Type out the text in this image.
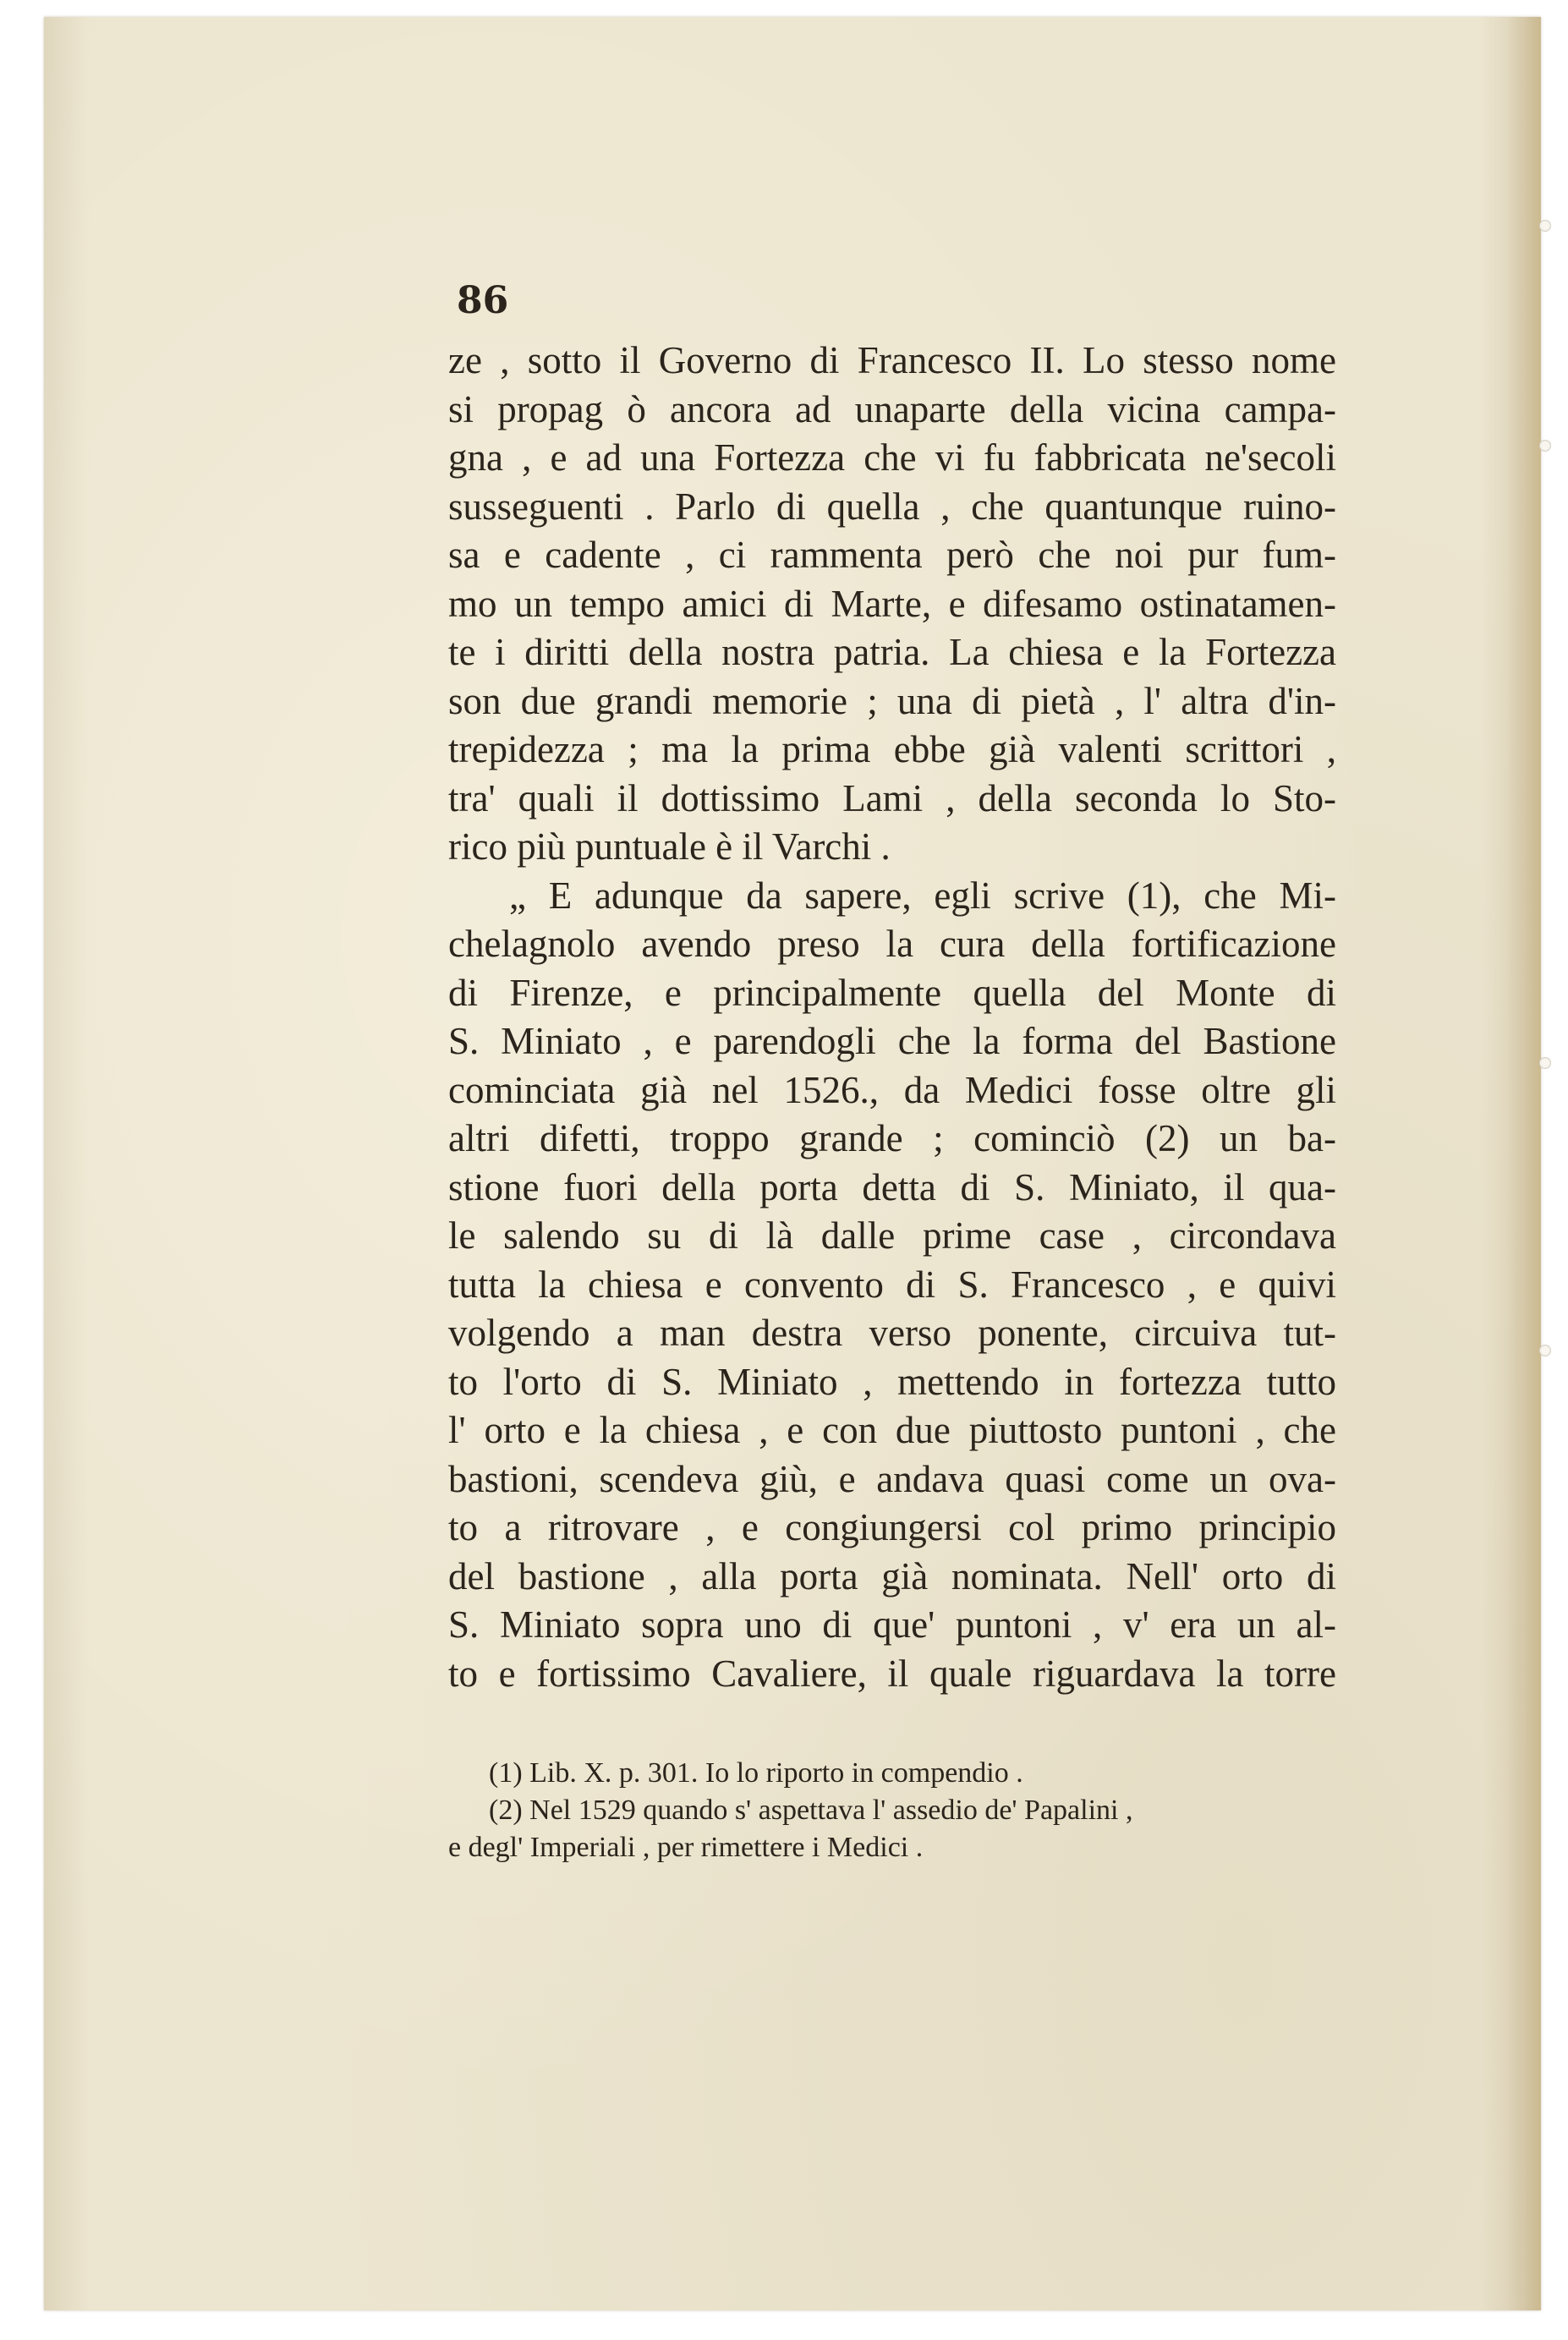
86
ze , sotto il Governo di Francesco II. Lo stesso nome
si propag ò ancora ad unaparte della vicina campa-
gna , e ad una Fortezza che vi fu fabbricata ne'secoli
susseguenti . Parlo di quella , che quantunque ruino-
sa e cadente , ci rammenta però che noi pur fum-
mo un tempo amici di Marte, e difesamo ostinatamen-
te i diritti della nostra patria. La chiesa e la Fortezza
son due grandi memorie ; una di pietà , l' altra d'in-
trepidezza ; ma la prima ebbe già valenti scrittori ,
tra' quali il dottissimo Lami , della seconda lo Sto-
rico più puntuale è il Varchi .
„ E adunque da sapere, egli scrive (1), che Mi-
chelagnolo avendo preso la cura della fortificazione
di Firenze, e principalmente quella del Monte di
S. Miniato , e parendogli che la forma del Bastione
cominciata già nel 1526., da Medici fosse oltre gli
altri difetti, troppo grande ; cominciò (2) un ba-
stione fuori della porta detta di S. Miniato, il qua-
le salendo su di là dalle prime case , circondava
tutta la chiesa e convento di S. Francesco , e quivi
volgendo a man destra verso ponente, circuiva tut-
to l'orto di S. Miniato , mettendo in fortezza tutto
l' orto e la chiesa , e con due piuttosto puntoni , che
bastioni, scendeva giù, e andava quasi come un ova-
to a ritrovare , e congiungersi col primo principio
del bastione , alla porta già nominata. Nell' orto di
S. Miniato sopra uno di que' puntoni , v' era un al-
to e fortissimo Cavaliere, il quale riguardava la torre
(1) Lib. X. p. 301. Io lo riporto in compendio .
(2) Nel 1529 quando s' aspettava l' assedio de' Papalini ,
e degl' Imperiali , per rimettere i Medici .
